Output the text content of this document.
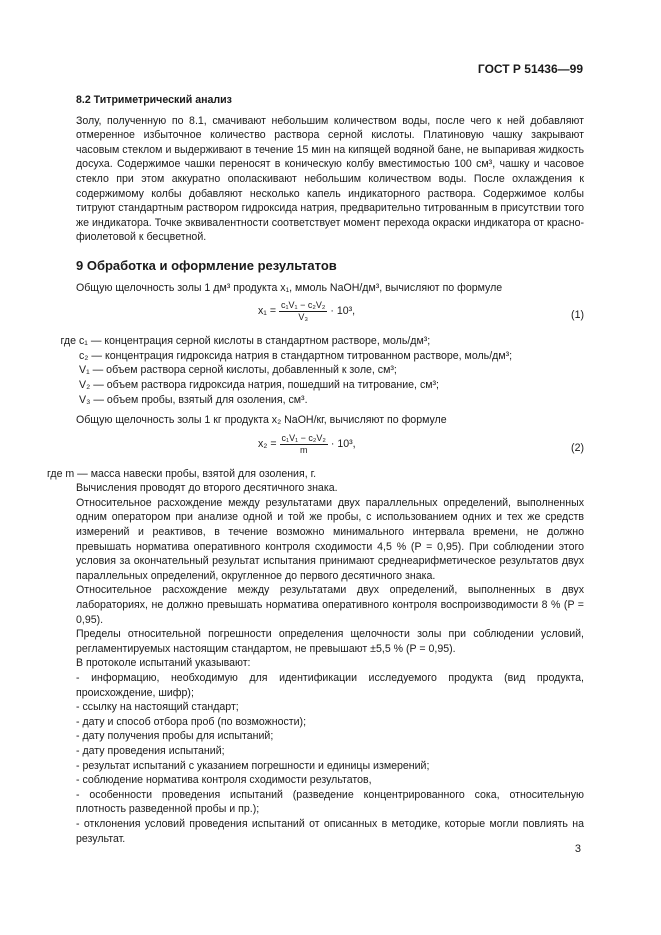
ГОСТ Р 51436—99

8.2 Титриметрический анализ

Золу, полученную по 8.1, смачивают небольшим количеством воды, после чего к ней добавляют отмеренное избыточное количество раствора серной кислоты. Платиновую чашку закрывают часовым стеклом и выдерживают в течение 15 мин на кипящей водяной бане, не выпаривая жидкость досуха. Содержимое чашки переносят в коническую колбу вместимостью 100 см³, чашку и часовое стекло при этом аккуратно ополаскивают небольшим количеством воды. После охлаждения к содержимому колбы добавляют несколько капель индикаторного раствора. Содержимое колбы титруют стандартным раствором гидроксида натрия, предварительно титрованным в присутствии того же индикатора. Точке эквивалентности соответствует момент перехода окраски индикатора от красно-фиолетовой к бесцветной.

9 Обработка и оформление результатов

Общую щелочность золы 1 дм³ продукта x₁, ммоль NaOH/дм³, вычисляют по формуле

$x_1 = \frac{\text{c₁V₁ − c₂V₂}}{\text{V₃}} \cdot 10^3$,	(1)
где c₁ — концентрация серной кислоты в стандартном растворе, моль/дм³;
c₂ — концентрация гидроксида натрия в стандартном титрованном растворе, моль/дм³;
V₁ — объем раствора серной кислоты, добавленный к золе, см³;
V₂ — объем раствора гидроксида натрия, пошедший на титрование, см³;
V₃ — объем пробы, взятый для озоления, см³.

Общую щелочность золы 1 кг продукта x₂ NaOH/кг, вычисляют по формуле

$x_2 = \frac{\text{c₁V₁ − c₂V₂}}{m} \cdot 10^3$,	(2)

где m — масса навески пробы, взятой для озоления, г.

Вычисления проводят до второго десятичного знака.

Относительное расхождение между результатами двух параллельных определений, выполненных одним оператором при анализе одной и той же пробы, с использованием одних и тех же средств измерений и реактивов, в течение возможно минимального интервала времени, не должно превышать норматива оперативного контроля сходимости 4,5 % (P = 0,95). При соблюдении этого условия за окончательный результат испытания принимают среднеарифметическое результатов двух параллельных определений, округленное до первого десятичного знака.

Относительное расхождение между результатами двух определений, выполненных в двух лабораториях, не должно превышать норматива оперативного контроля воспроизводимости 8 % (P = 0,95).

Пределы относительной погрешности определения щелочности золы при соблюдении условий, регламентируемых настоящим стандартом, не превышают ±5,5 % (P = 0,95).

В протоколе испытаний указывают:

- информацию, необходимую для идентификации исследуемого продукта (вид продукта, происхождение, шифр);

- ссылку на настоящий стандарт;

- дату и способ отбора проб (по возможности);

- дату получения пробы для испытаний;

- дату проведения испытаний;

- результат испытаний с указанием погрешности и единицы измерений;

- соблюдение норматива контроля сходимости результатов,

- особенности проведения испытаний (разведение концентрированного сока, относительную плотность разведенной пробы и пр.);

- отклонения условий проведения испытаний от описанных в методике, которые могли повлиять на результат.

3
